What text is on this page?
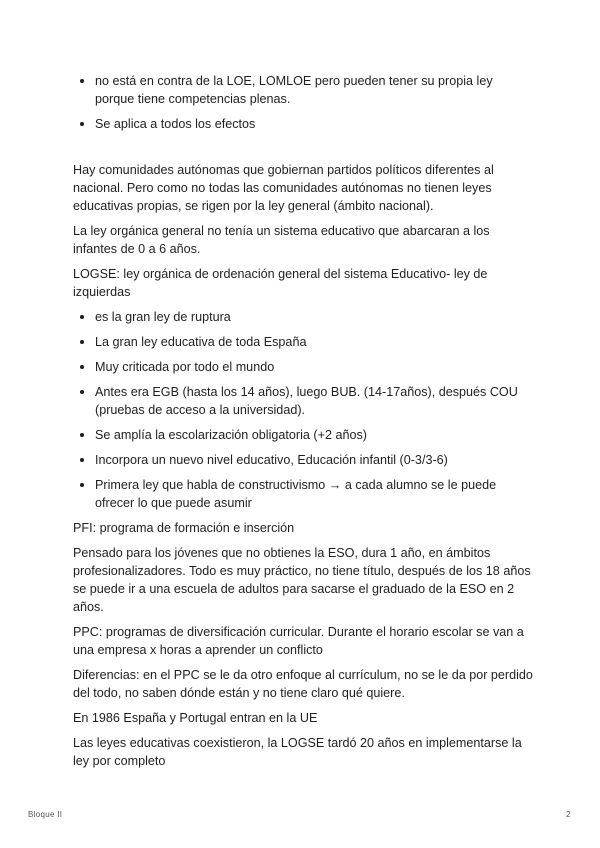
no está en contra de la LOE, LOMLOE pero pueden tener su propia ley porque tiene competencias plenas.
Se aplica a todos los efectos

Hay comunidades autónomas que gobiernan partidos políticos diferentes al nacional. Pero como no todas las comunidades autónomas no tienen leyes educativas propias, se rigen por la ley general (ámbito nacional).

La ley orgánica general no tenía un sistema educativo que abarcaran a los infantes de 0 a 6 años.

LOGSE: ley orgánica de ordenación general del sistema Educativo- ley de izquierdas

es la gran ley de ruptura
La gran ley educativa de toda España
Muy criticada por todo el mundo
Antes era EGB (hasta los 14 años), luego BUB. (14-17años), después COU (pruebas de acceso a la universidad).
Se amplía la escolarización obligatoria (+2 años)
Incorpora un nuevo nivel educativo, Educación infantil (0-3/3-6)
Primera ley que habla de constructivismo → a cada alumno se le puede ofrecer lo que puede asumir

PFI: programa de formación e inserción

Pensado para los jóvenes que no obtienes la ESO, dura 1 año, en ámbitos profesionalizadores. Todo es muy práctico, no tiene título, después de los 18 años se puede ir a una escuela de adultos para sacarse el graduado de la ESO en 2 años.

PPC: programas de diversificación curricular. Durante el horario escolar se van a una empresa x horas a aprender un conflicto

Diferencias: en el PPC se le da otro enfoque al currículum, no se le da por perdido del todo, no saben dónde están y no tiene claro qué quiere.

En 1986 España y Portugal entran en la UE

Las leyes educativas coexistieron, la LOGSE tardó 20 años en implementarse la ley por completo

Bloque II	2
